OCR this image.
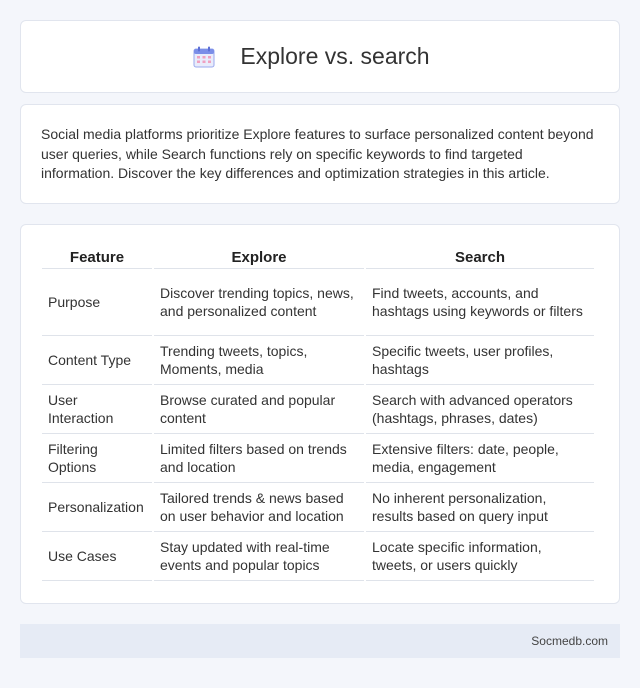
Explore vs. search

Social media platforms prioritize Explore features to surface personalized content beyond user queries, while Search functions rely on specific keywords to find targeted information. Discover the key differences and optimization strategies in this article.

Feature	Explore	Search
Purpose	Discover trending topics, news, and personalized content	Find tweets, accounts, and hashtags using keywords or filters
Content Type	Trending tweets, topics, Moments, media	Specific tweets, user profiles, hashtags
User Interaction	Browse curated and popular content	Search with advanced operators (hashtags, phrases, dates)
Filtering Options	Limited filters based on trends and location	Extensive filters: date, people, media, engagement
Personalization	Tailored trends & news based on user behavior and location	No inherent personalization, results based on query input
Use Cases	Stay updated with real-time events and popular topics	Locate specific information, tweets, or users quickly
Socmedb.com
